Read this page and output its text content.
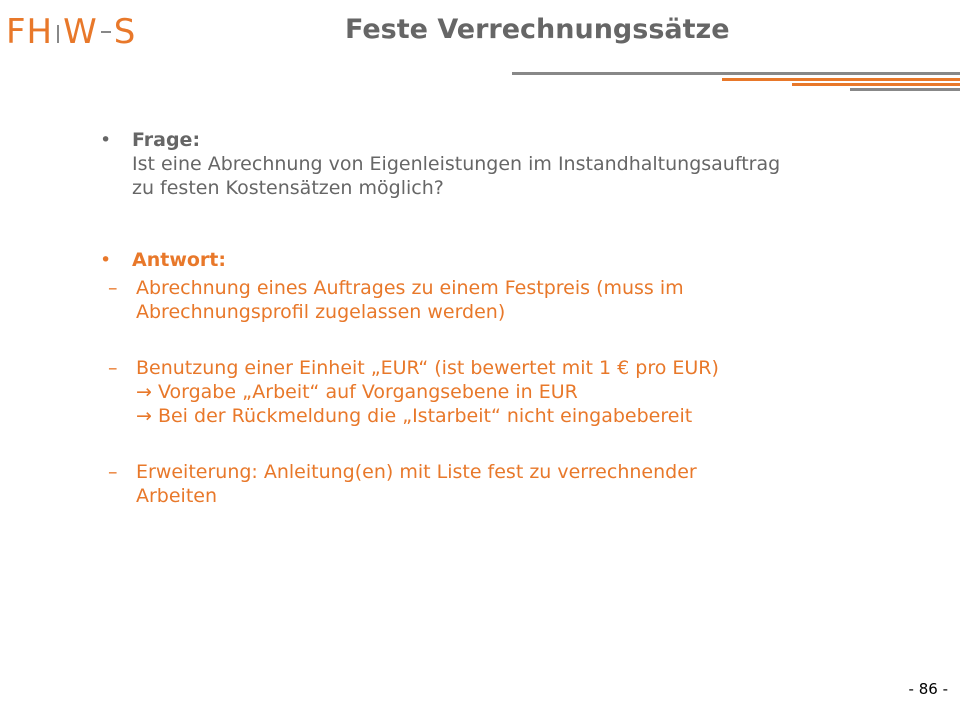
FH W S	Feste Verrechnungssätze
• Frage:
Ist eine Abrechnung von Eigenleistungen im Instandhaltungsauftrag
zu festen Kostensätzen möglich?
• Antwort:
– Abrechnung eines Auftrages zu einem Festpreis (muss im
Abrechnungsprofil zugelassen werden)
– Benutzung einer Einheit „EUR“ (ist bewertet mit 1 € pro EUR)
→ Vorgabe „Arbeit“ auf Vorgangsebene in EUR
→ Bei der Rückmeldung die „Istarbeit“ nicht eingabebereit
– Erweiterung: Anleitung(en) mit Liste fest zu verrechnender
Arbeiten
- 86 -
